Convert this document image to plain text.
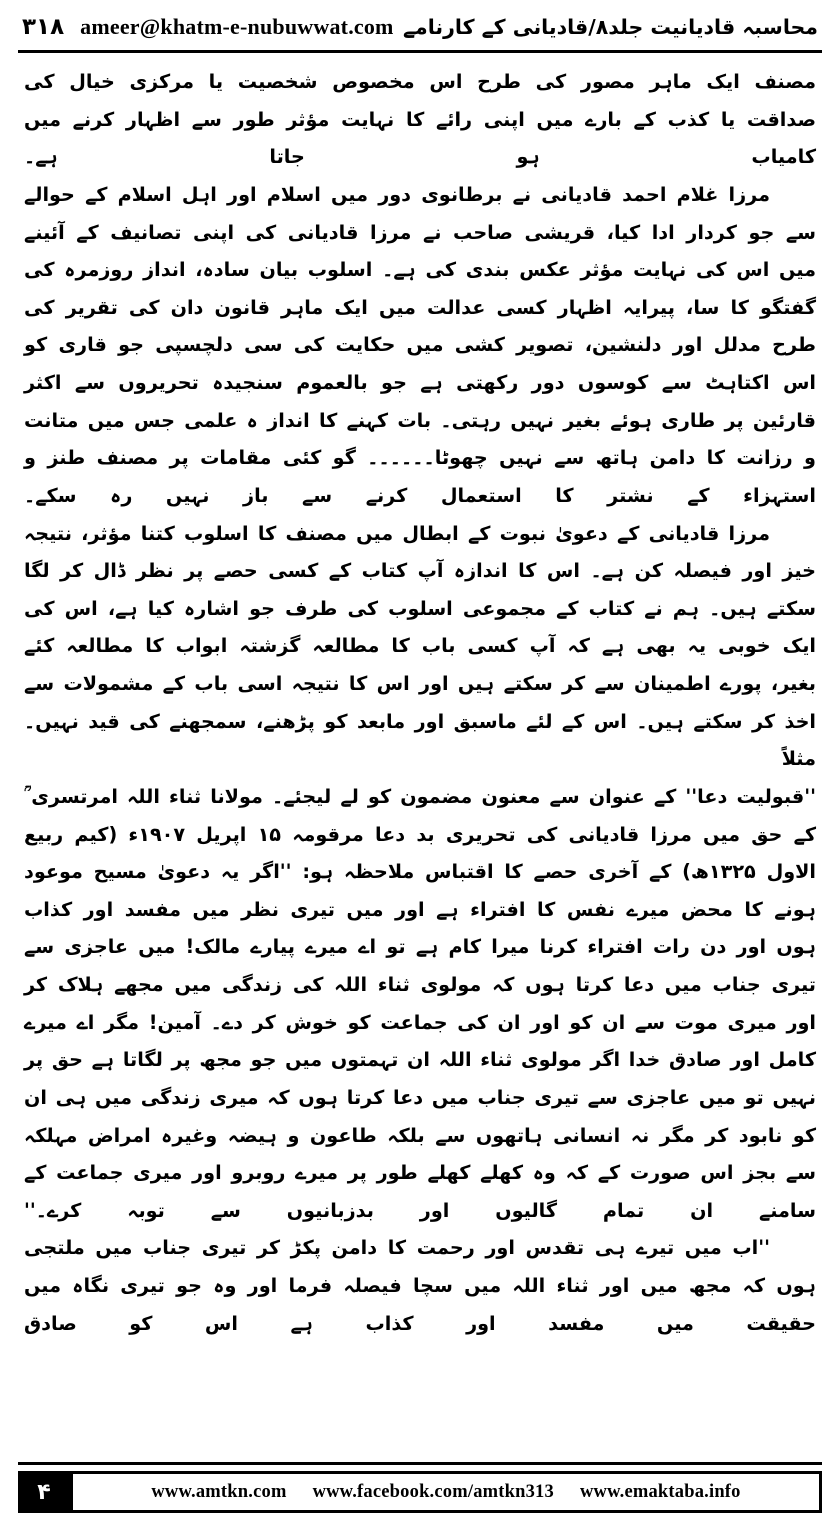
محاسبہ قادیانیت جلد۸/قادیانی کے کارنامے
۳۱۸ ameer@khatm-e-nubuwwat.com

مصنف ایک ماہر مصور کی طرح اس مخصوص شخصیت یا مرکزی خیال کی صداقت یا کذب کے بارے میں اپنی رائے کا نہایت مؤثر طور سے اظہار کرنے میں کامیاب ہو جاتا ہے۔

مرزا غلام احمد قادیانی نے برطانوی دور میں اسلام اور اہل اسلام کے حوالے سے جو کردار ادا کیا، قریشی صاحب نے مرزا قادیانی کی اپنی تصانیف کے آئینے میں اس کی نہایت مؤثر عکس بندی کی ہے۔ اسلوب بیان سادہ، انداز روزمرہ کی گفتگو کا سا، پیرایہ اظہار کسی عدالت میں ایک ماہر قانون دان کی تقریر کی طرح مدلل اور دلنشین، تصویر کشی میں حکایت کی سی دلچسپی جو قاری کو اس اکتاہٹ سے کوسوں دور رکھتی ہے جو بالعموم سنجیدہ تحریروں سے اکثر قارئین پر طاری ہوئے بغیر نہیں رہتی۔ بات کہنے کا انداز ہ علمی جس میں متانت و رزانت کا دامن ہاتھ سے نہیں چھوٹا۔۔۔۔۔۔ گو کئی مقامات پر مصنف طنز و استہزاء کے نشتر کا استعمال کرنے سے باز نہیں رہ سکے۔

مرزا قادیانی کے دعویٰ نبوت کے ابطال میں مصنف کا اسلوب کتنا مؤثر، نتیجہ خیز اور فیصلہ کن ہے۔ اس کا اندازہ آپ کتاب کے کسی حصے پر نظر ڈال کر لگا سکتے ہیں۔ ہم نے کتاب کے مجموعی اسلوب کی طرف جو اشارہ کیا ہے، اس کی ایک خوبی یہ بھی ہے کہ آپ کسی باب کا مطالعہ گزشتہ ابواب کا مطالعہ کئے بغیر، پورے اطمینان سے کر سکتے ہیں اور اس کا نتیجہ اسی باب کے مشمولات سے اخذ کر سکتے ہیں۔ اس کے لئے ماسبق اور مابعد کو پڑھنے، سمجھنے کی قید نہیں۔ مثلاً

''قبولیت دعا'' کے عنوان سے معنون مضمون کو لے لیجئے۔ مولانا ثناء اللہ امرتسری ؒ کے حق میں مرزا قادیانی کی تحریری بد دعا مرقومہ ۱۵ اپریل ۱۹۰۷ء (کیم ربیع الاول ۱۳۲۵ھ) کے آخری حصے کا اقتباس ملاحظہ ہو: ''اگر یہ دعویٰ مسیح موعود ہونے کا محض میرے نفس کا افتراء ہے اور میں تیری نظر میں مفسد اور کذاب ہوں اور دن رات افتراء کرنا میرا کام ہے تو اے میرے پیارے مالک! میں عاجزی سے تیری جناب میں دعا کرتا ہوں کہ مولوی ثناء اللہ کی زندگی میں مجھے ہلاک کر اور میری موت سے ان کو اور ان کی جماعت کو خوش کر دے۔ آمین! مگر اے میرے کامل اور صادق خدا اگر مولوی ثناء اللہ ان تہمتوں میں جو مجھ پر لگاتا ہے حق پر نہیں تو میں عاجزی سے تیری جناب میں دعا کرتا ہوں کہ میری زندگی میں ہی ان کو نابود کر مگر نہ انسانی ہاتھوں سے بلکہ طاعون و ہیضہ وغیرہ امراض مہلکہ سے بجز اس صورت کے کہ وہ کھلے کھلے طور پر میرے روبرو اور میری جماعت کے سامنے ان تمام گالیوں اور بدزبانیوں سے توبہ کرے۔''

''اب میں تیرے ہی تقدس اور رحمت کا دامن پکڑ کر تیری جناب میں ملتجی ہوں کہ مجھ میں اور ثناء اللہ میں سچا فیصلہ فرما اور وہ جو تیری نگاہ میں حقیقت میں مفسد اور کذاب ہے اس کو صادق

۴	www.amtkn.com www.facebook.com/amtkn313 www.emaktaba.info
